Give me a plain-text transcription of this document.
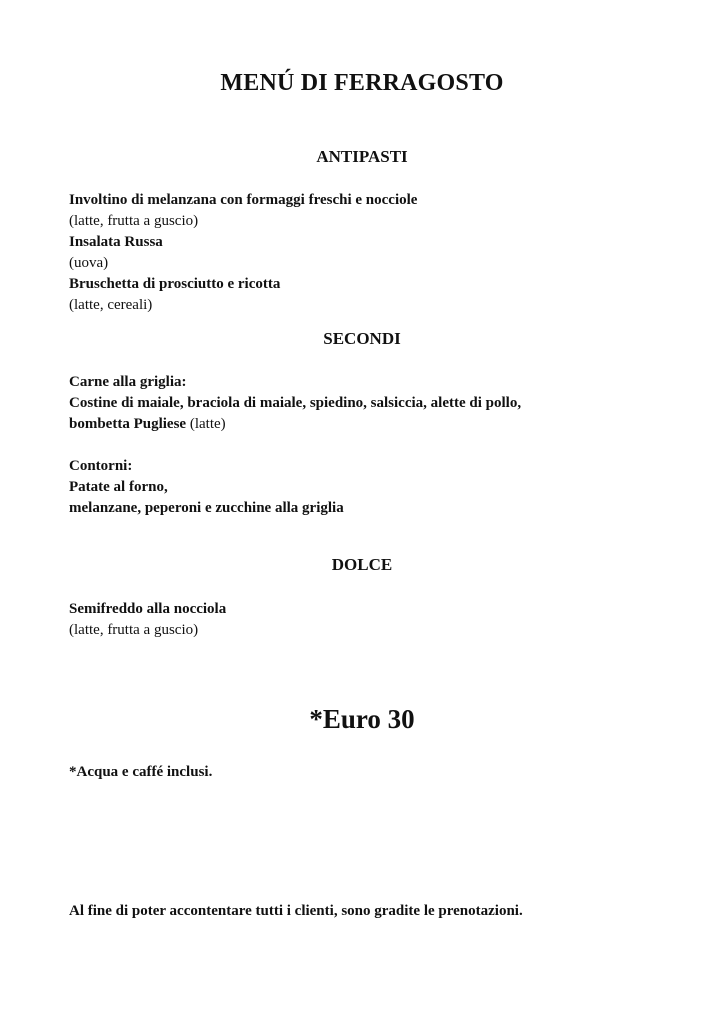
MENÚ DI FERRAGOSTO
ANTIPASTI
Involtino di melanzana con formaggi freschi e nocciole
(latte, frutta a guscio)
Insalata Russa
(uova)
Bruschetta di prosciutto e ricotta
(latte, cereali)
SECONDI
Carne alla griglia:
Costine di maiale, braciola di maiale, spiedino, salsiccia, alette di pollo,
bombetta Pugliese (latte)
Contorni:
Patate al forno,
melanzane, peperoni e zucchine alla griglia
DOLCE
Semifreddo alla nocciola
(latte, frutta a guscio)
*Euro 30
*Acqua e caffé inclusi.
Al fine di poter accontentare tutti i clienti, sono gradite le prenotazioni.
